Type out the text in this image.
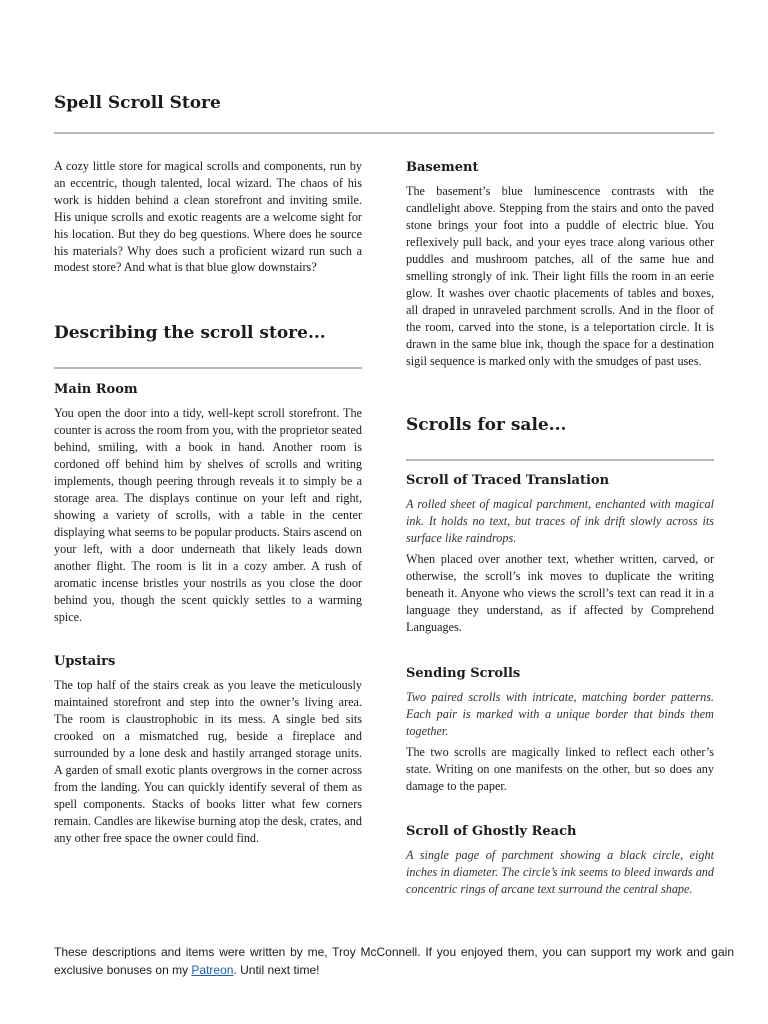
Spell Scroll Store

A cozy little store for magical scrolls and components, run by an eccentric, though talented, local wizard. The chaos of his work is hidden behind a clean storefront and inviting smile. His unique scrolls and exotic reagents are a welcome sight for his location. But they do beg questions. Where does he source his materials? Why does such a proficient wizard run such a modest store? And what is that blue glow downstairs?

Describing the scroll store...
Main Room

You open the door into a tidy, well-kept scroll storefront. The counter is across the room from you, with the proprietor seated behind, smiling, with a book in hand. Another room is cordoned off behind him by shelves of scrolls and writing implements, though peering through reveals it to simply be a storage area. The displays continue on your left and right, showing a variety of scrolls, with a table in the center displaying what seems to be popular products. Stairs ascend on your left, with a door underneath that likely leads down another flight. The room is lit in a cozy amber. A rush of aromatic incense bristles your nostrils as you close the door behind you, though the scent quickly settles to a warming spice.

Upstairs

The top half of the stairs creak as you leave the meticulously maintained storefront and step into the owner’s living area. The room is claustrophobic in its mess. A single bed sits crooked on a mismatched rug, beside a fireplace and surrounded by a lone desk and hastily arranged storage units. A garden of small exotic plants overgrows in the corner across from the landing. You can quickly identify several of them as spell components. Stacks of books litter what few corners remain. Candles are likewise burning atop the desk, crates, and any other free space the owner could find.

Basement

The basement’s blue luminescence contrasts with the candlelight above. Stepping from the stairs and onto the paved stone brings your foot into a puddle of electric blue. You reflexively pull back, and your eyes trace along various other puddles and mushroom patches, all of the same hue and smelling strongly of ink. Their light fills the room in an eerie glow. It washes over chaotic placements of tables and boxes, all draped in unraveled parchment scrolls. And in the floor of the room, carved into the stone, is a teleportation circle. It is drawn in the same blue ink, though the space for a destination sigil sequence is marked only with the smudges of past uses.

Scrolls for sale...
Scroll of Traced Translation

A rolled sheet of magical parchment, enchanted with magical ink. It holds no text, but traces of ink drift slowly across its surface like raindrops.

When placed over another text, whether written, carved, or otherwise, the scroll’s ink moves to duplicate the writing beneath it. Anyone who views the scroll’s text can read it in a language they understand, as if affected by Comprehend Languages.

Sending Scrolls

Two paired scrolls with intricate, matching border patterns. Each pair is marked with a unique border that binds them together.

The two scrolls are magically linked to reflect each other’s state. Writing on one manifests on the other, but so does any damage to the paper.

Scroll of Ghostly Reach

A single page of parchment showing a black circle, eight inches in diameter. The circle’s ink seems to bleed inwards and concentric rings of arcane text surround the central shape.

These descriptions and items were written by me, Troy McConnell. If you enjoyed them, you can support my work and gain exclusive bonuses on my Patreon. Until next time!
